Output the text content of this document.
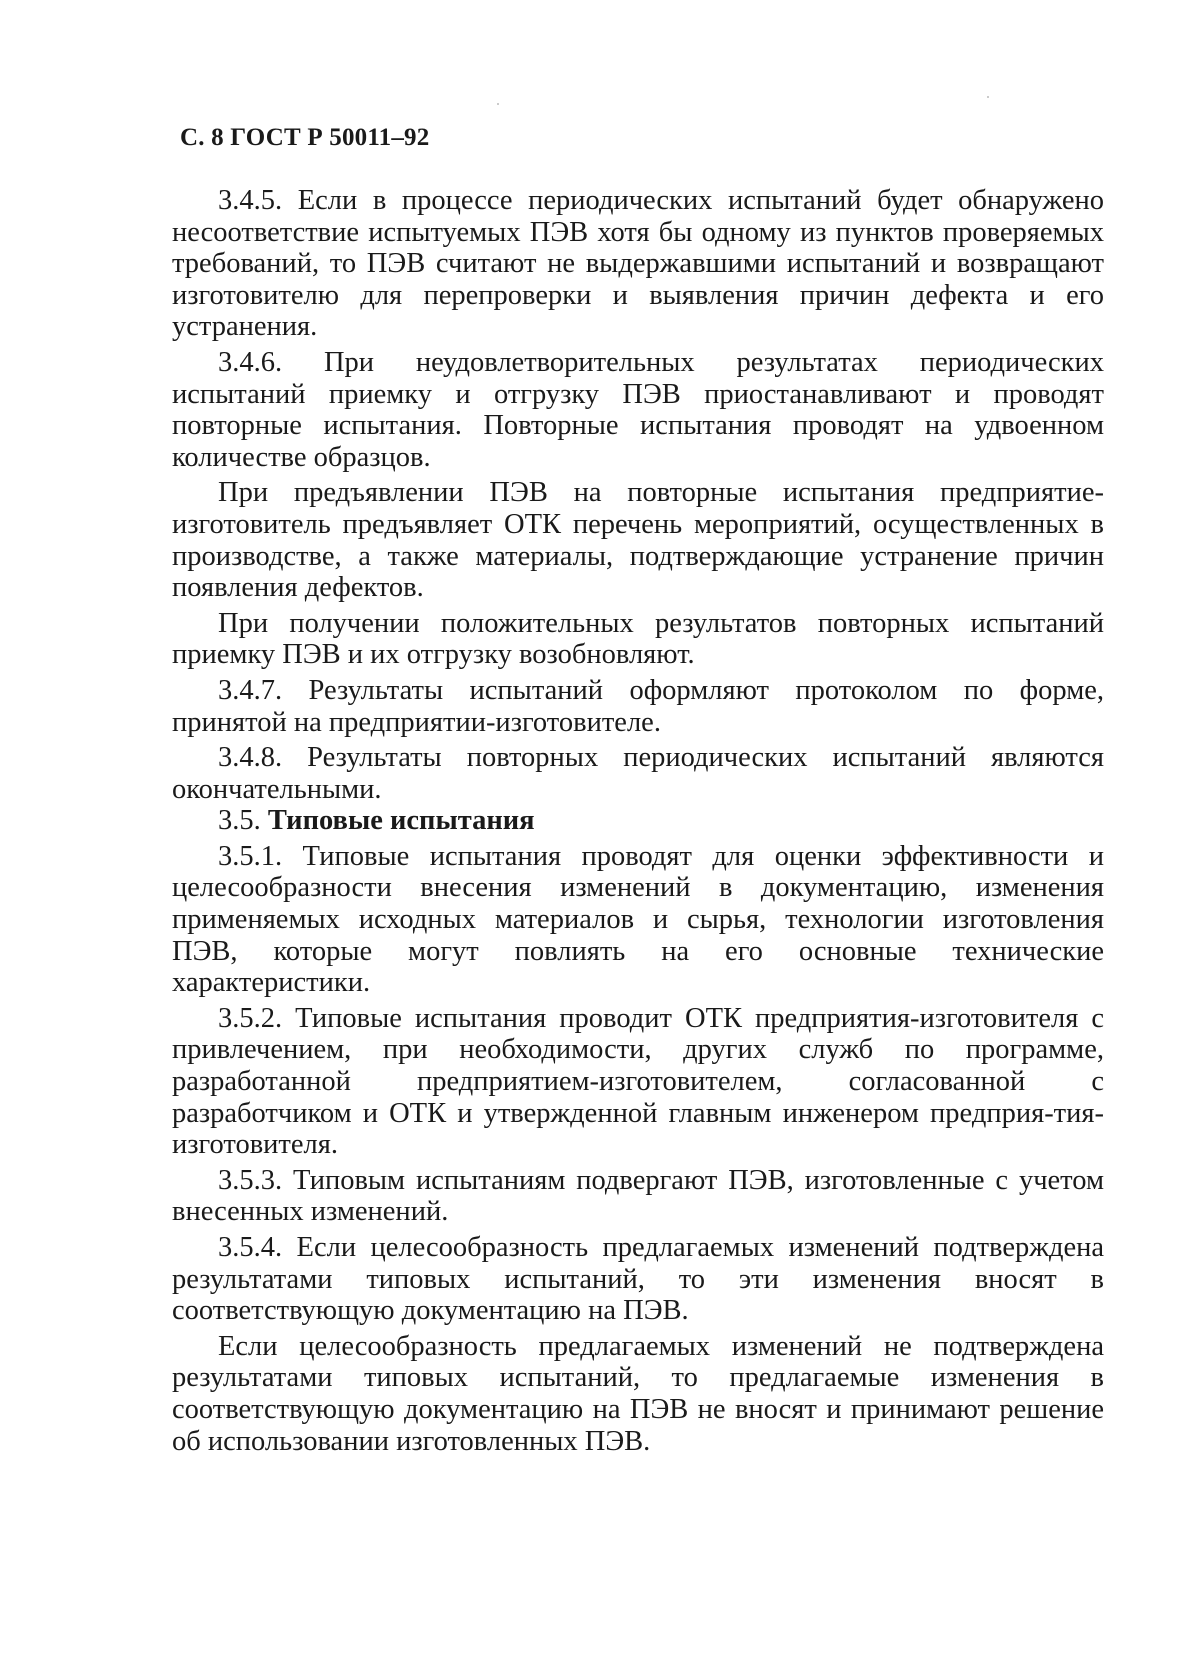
С. 8 ГОСТ Р 50011–92

3.4.5. Если в процессе периодических испытаний будет обнаружено несоответствие испытуемых ПЭВ хотя бы одному из пунктов проверяемых требований, то ПЭВ считают не выдержавшими испытаний и возвращают изготовителю для перепроверки и выявления причин дефекта и его устранения.

3.4.6. При неудовлетворительных результатах периодических испытаний приемку и отгрузку ПЭВ приостанавливают и проводят повторные испытания. Повторные испытания проводят на удвоенном количестве образцов.

При предъявлении ПЭВ на повторные испытания предприятие-изготовитель предъявляет ОТК перечень мероприятий, осуществленных в производстве, а также материалы, подтверждающие устранение причин появления дефектов.

При получении положительных результатов повторных испытаний приемку ПЭВ и их отгрузку возобновляют.

3.4.7. Результаты испытаний оформляют протоколом по форме, принятой на предприятии-изготовителе.

3.4.8. Результаты повторных периодических испытаний являются окончательными.

3.5. Типовые испытания

3.5.1. Типовые испытания проводят для оценки эффективности и целесообразности внесения изменений в документацию, изменения применяемых исходных материалов и сырья, технологии изготовления ПЭВ, которые могут повлиять на его основные технические характеристики.

3.5.2. Типовые испытания проводит ОТК предприятия-изготовителя с привлечением, при необходимости, других служб по программе, разработанной предприятием-изготовителем, согласованной с разработчиком и ОТК и утвержденной главным инженером предприя-тия-изготовителя.

3.5.3. Типовым испытаниям подвергают ПЭВ, изготовленные с учетом внесенных изменений.

3.5.4. Если целесообразность предлагаемых изменений подтверждена результатами типовых испытаний, то эти изменения вносят в соответствующую документацию на ПЭВ.

Если целесообразность предлагаемых изменений не подтверждена результатами типовых испытаний, то предлагаемые изменения в соответствующую документацию на ПЭВ не вносят и принимают решение об использовании изготовленных ПЭВ.
